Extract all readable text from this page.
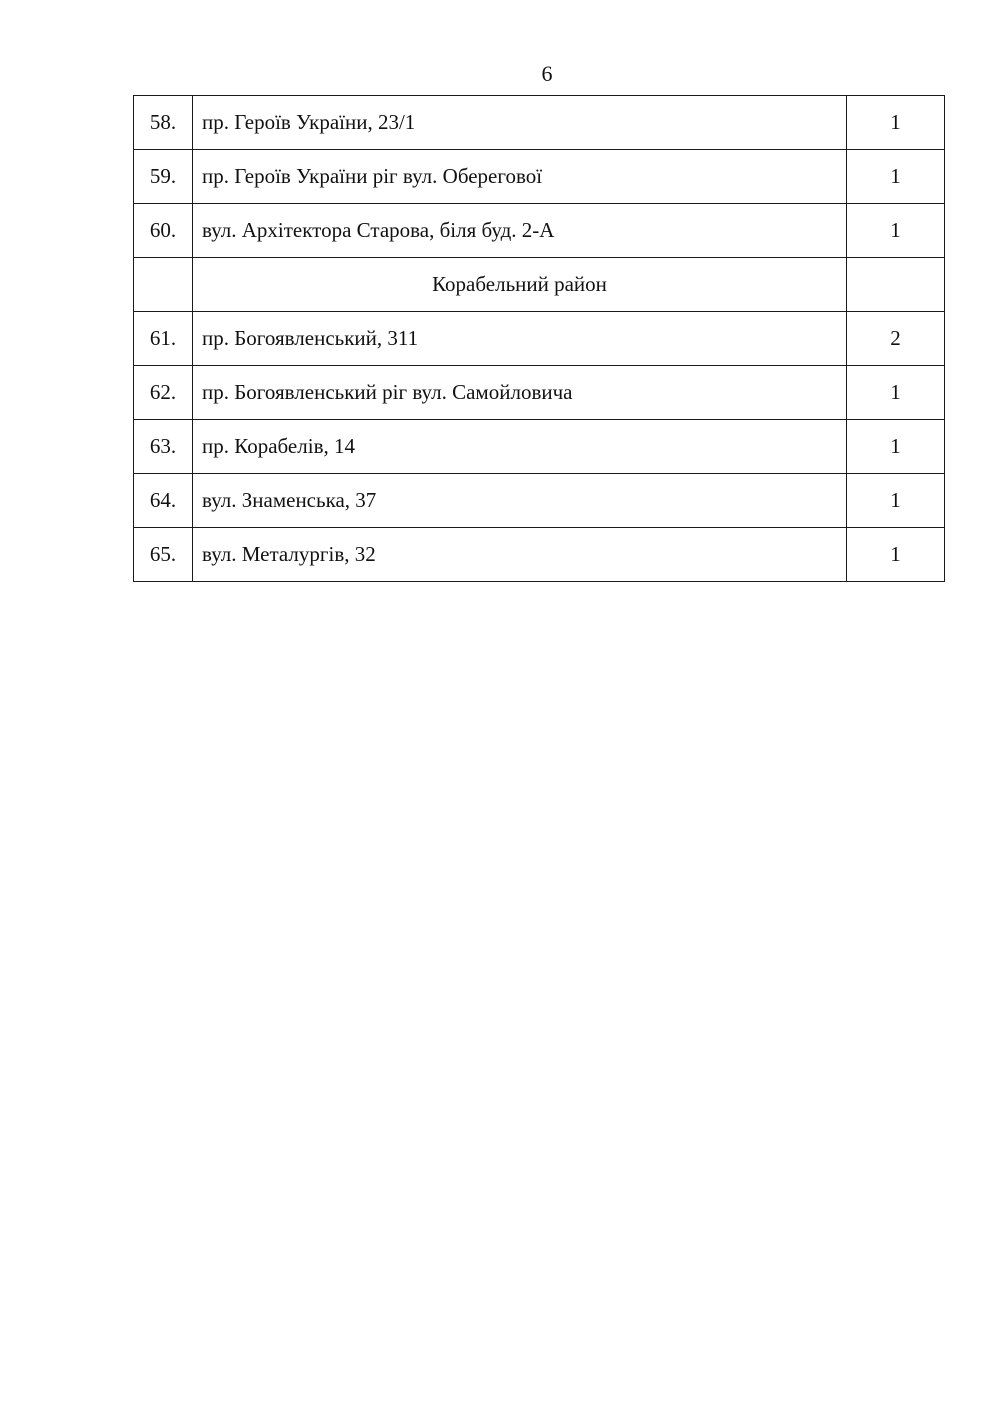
6
58.	пр. Героїв України, 23/1	1
59.	пр. Героїв України ріг вул. Оберегової	1
60.	вул. Архітектора Старова, біля буд. 2-А	1
	Корабельний район	
61.	пр. Богоявленський, 311	2
62.	пр. Богоявленський ріг вул. Самойловича	1
63.	пр. Корабелів, 14	1
64.	вул. Знаменська, 37	1
65.	вул. Металургів, 32	1
